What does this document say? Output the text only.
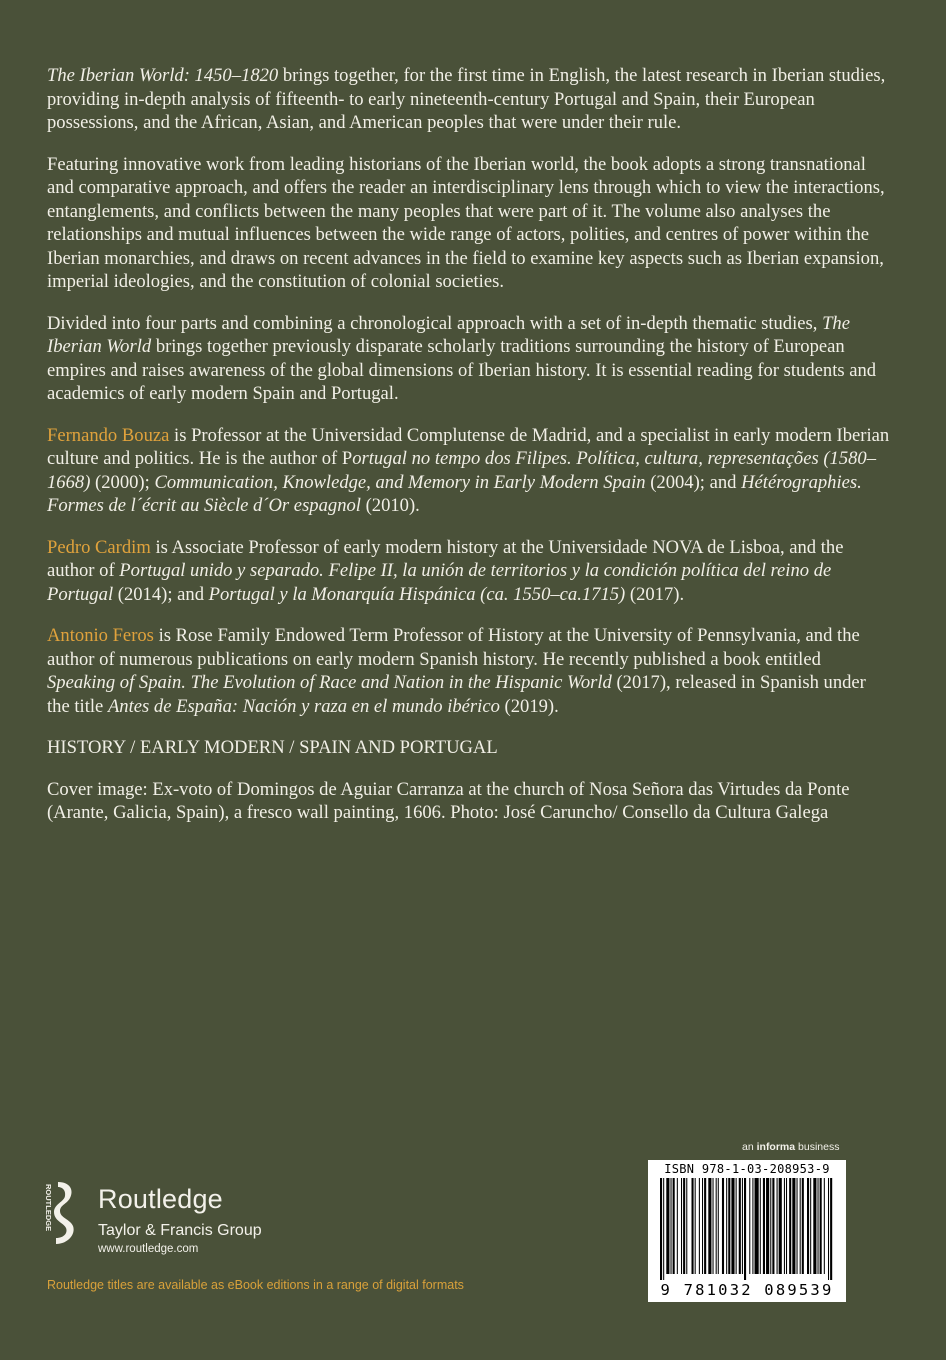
The Iberian World: 1450–1820 brings together, for the first time in English, the latest research in Iberian studies, providing in-depth analysis of fifteenth- to early nineteenth-century Portugal and Spain, their European possessions, and the African, Asian, and American peoples that were under their rule.

Featuring innovative work from leading historians of the Iberian world, the book adopts a strong transnational and comparative approach, and offers the reader an interdisciplinary lens through which to view the interactions, entanglements, and conflicts between the many peoples that were part of it. The volume also analyses the relationships and mutual influences between the wide range of actors, polities, and centres of power within the Iberian monarchies, and draws on recent advances in the field to examine key aspects such as Iberian expansion, imperial ideologies, and the constitution of colonial societies.

Divided into four parts and combining a chronological approach with a set of in-depth thematic studies, The Iberian World brings together previously disparate scholarly traditions surrounding the history of European empires and raises awareness of the global dimensions of Iberian history. It is essential reading for students and academics of early modern Spain and Portugal.

Fernando Bouza is Professor at the Universidad Complutense de Madrid, and a specialist in early modern Iberian culture and politics. He is the author of Portugal no tempo dos Filipes. Política, cultura, representações (1580–1668) (2000); Communication, Knowledge, and Memory in Early Modern Spain (2004); and Hétérographies. Formes de l´écrit au Siècle d´Or espagnol (2010).

Pedro Cardim is Associate Professor of early modern history at the Universidade NOVA de Lisboa, and the author of Portugal unido y separado. Felipe II, la unión de territorios y la condición política del reino de Portugal (2014); and Portugal y la Monarquía Hispánica (ca. 1550–ca.1715) (2017).

Antonio Feros is Rose Family Endowed Term Professor of History at the University of Pennsylvania, and the author of numerous publications on early modern Spanish history. He recently published a book entitled Speaking of Spain. The Evolution of Race and Nation in the Hispanic World (2017), released in Spanish under the title Antes de España: Nación y raza en el mundo ibérico (2019).

HISTORY / EARLY MODERN / SPAIN AND PORTUGAL

Cover image: Ex-voto of Domingos de Aguiar Carranza at the church of Nosa Señora das Virtudes da Ponte (Arante, Galicia, Spain), a fresco wall painting, 1606. Photo: José Caruncho/ Consello da Cultura Galega

ROUTLEDGE Routledge
Taylor & Francis Group
www.routledge.com
Routledge titles are available as eBook editions in a range of digital formats
an informa business
ISBN 978-1-03-208953-9
9 781032 089539
